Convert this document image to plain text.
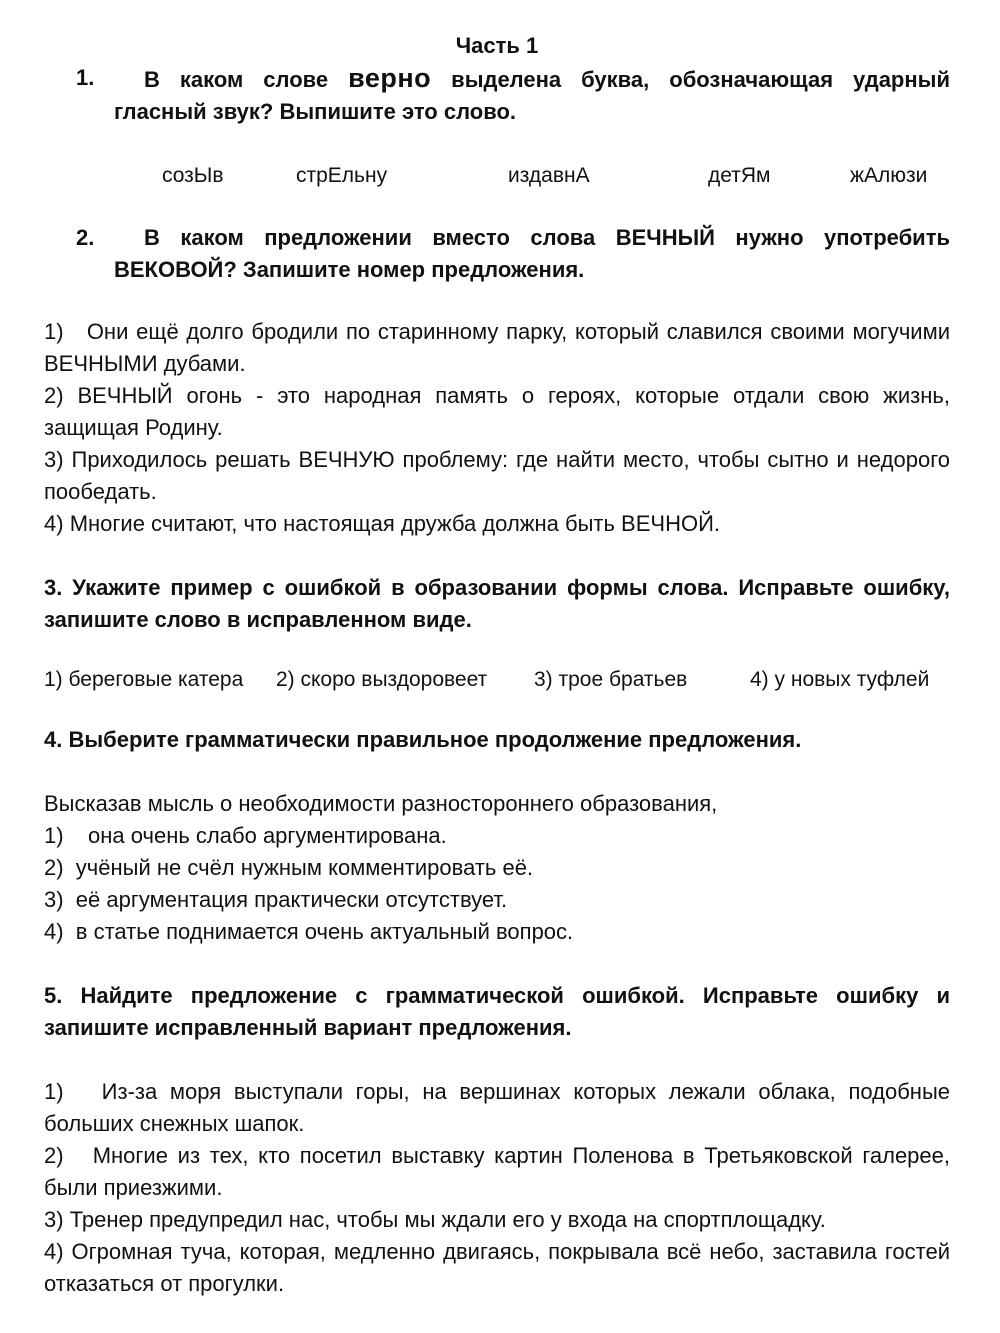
Часть 1
1. В каком слове верно выделена буква, обозначающая ударный гласный звук? Выпишите это слово.
созЫв	стрЕльну	издавнА	детЯм	жАлюзи
2. В каком предложении вместо слова ВЕЧНЫЙ нужно употребить ВЕКОВОЙ? Запишите номер предложения.
1) Они ещё долго бродили по старинному парку, который славился своими могучими ВЕЧНЫМИ дубами.
2) ВЕЧНЫЙ огонь - это народная память о героях, которые отдали свою жизнь, защищая Родину.
3) Приходилось решать ВЕЧНУЮ проблему: где найти место, чтобы сытно и недорого пообедать.
4) Многие считают, что настоящая дружба должна быть ВЕЧНОЙ.
3. Укажите пример с ошибкой в образовании формы слова. Исправьте ошибку, запишите слово в исправленном виде.
1) береговые катера 2) скоро выздоровеет 3) трое братьев	4) у новых туфлей
4. Выберите грамматически правильное продолжение предложения.
Высказав мысль о необходимости разностороннего образования,
1) она очень слабо аргументирована.
2) учёный не счёл нужным комментировать её.
3) её аргументация практически отсутствует.
4) в статье поднимается очень актуальный вопрос.
5. Найдите предложение с грамматической ошибкой. Исправьте ошибку и запишите исправленный вариант предложения.
1) Из-за моря выступали горы, на вершинах которых лежали облака, подобные больших снежных шапок.
2) Многие из тех, кто посетил выставку картин Поленова в Третьяковской галерее, были приезжими.
3) Тренер предупредил нас, чтобы мы ждали его у входа на спортплощадку.
4) Огромная туча, которая, медленно двигаясь, покрывала всё небо, заставила гостей отказаться от прогулки.
